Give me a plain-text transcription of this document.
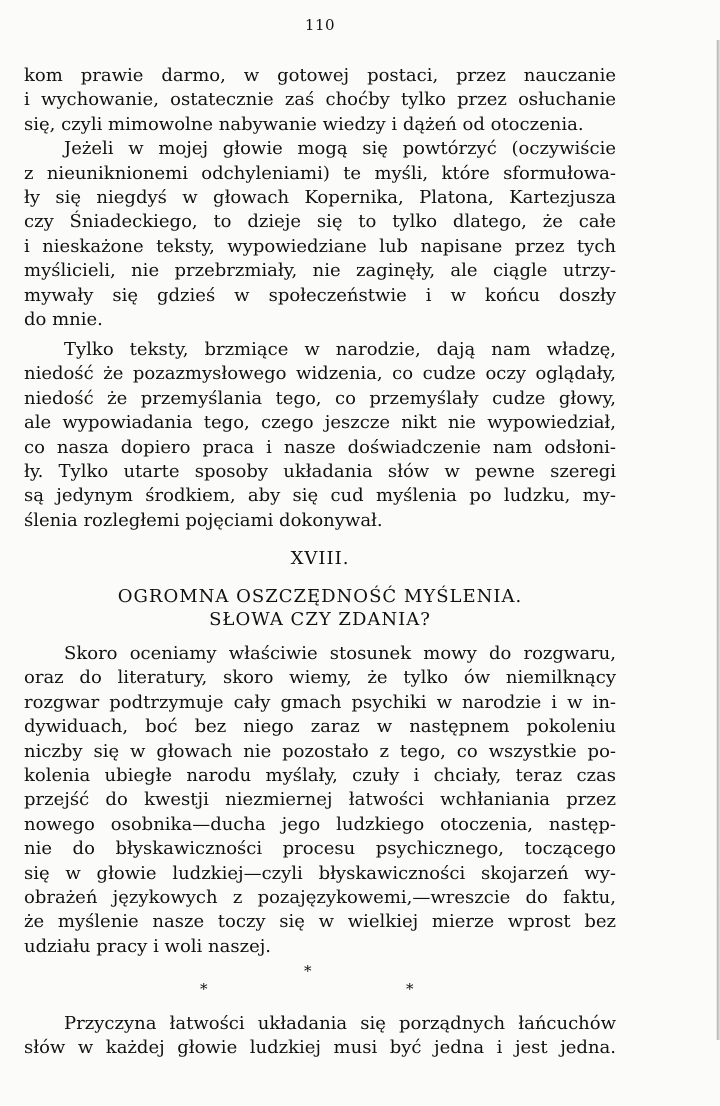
110
kom prawie darmo, w gotowej postaci, przez nauczanie
i wychowanie, ostatecznie zaś choćby tylko przez osłuchanie
się, czyli mimowolne nabywanie wiedzy i dążeń od otoczenia.
Jeżeli w mojej głowie mogą się powtórzyć (oczywiście
z nieuniknionemi odchyleniami) te myśli, które sformułowa-
ły się niegdyś w głowach Kopernika, Platona, Kartezjusza
czy Śniadeckiego, to dzieje się to tylko dlatego, że całe
i nieskażone teksty, wypowiedziane lub napisane przez tych
myślicieli, nie przebrzmiały, nie zaginęły, ale ciągle utrzy-
mywały się gdzieś w społeczeństwie i w końcu doszły
do mnie.
Tylko teksty, brzmiące w narodzie, dają nam władzę,
niedość że pozazmysłowego widzenia, co cudze oczy oglądały,
niedość że przemyślania tego, co przemyślały cudze głowy,
ale wypowiadania tego, czego jeszcze nikt nie wypowiedział,
co nasza dopiero praca i nasze doświadczenie nam odsłoni-
ły. Tylko utarte sposoby układania słów w pewne szeregi
są jedynym środkiem, aby się cud myślenia po ludzku, my-
ślenia rozległemi pojęciami dokonywał.
XVIII.
OGROMNA OSZCZĘDNOŚĆ MYŚLENIA.
SŁOWA CZY ZDANIA?
Skoro oceniamy właściwie stosunek mowy do rozgwaru,
oraz do literatury, skoro wiemy, że tylko ów niemilknący
rozgwar podtrzymuje cały gmach psychiki w narodzie i w in-
dywiduach, boć bez niego zaraz w następnem pokoleniu
niczby się w głowach nie pozostało z tego, co wszystkie po-
kolenia ubiegłe narodu myślały, czuły i chciały, teraz czas
przejść do kwestji niezmiernej łatwości wchłaniania przez
nowego osobnika—ducha jego ludzkiego otoczenia, następ-
nie do błyskawiczności procesu psychicznego, toczącego
się w głowie ludzkiej—czyli błyskawiczności skojarzeń wy-
obrażeń językowych z pozajęzykowemi,—wreszcie do faktu,
że myślenie nasze toczy się w wielkiej mierze wprost bez
udziału pracy i woli naszej.
*
*	*
Przyczyna łatwości układania się porządnych łańcuchów
słów w każdej głowie ludzkiej musi być jedna i jest jedna.
